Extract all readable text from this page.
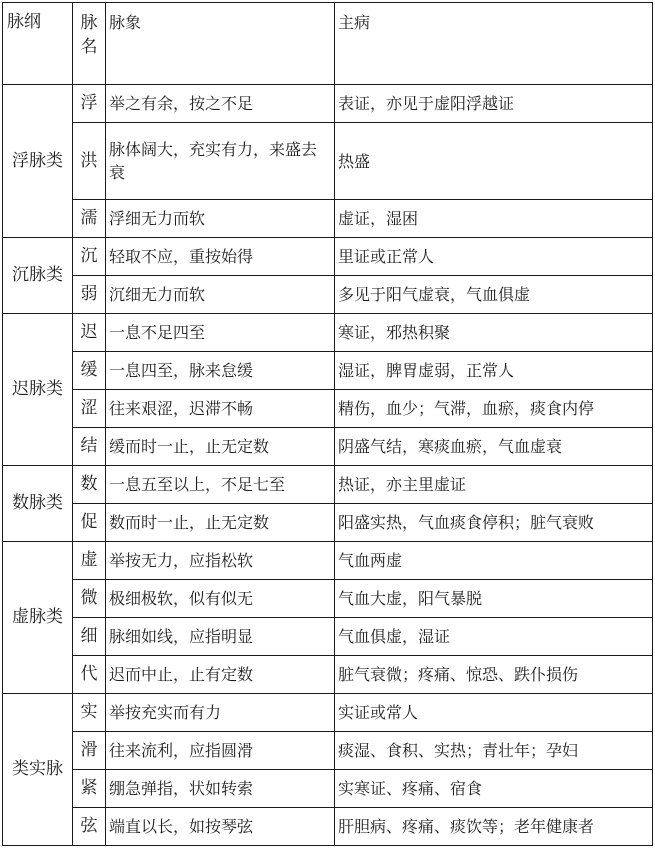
脉纲	脉名	脉象	主病
浮脉类	浮	举之有余，按之不足	表证，亦见于虚阳浮越证
	洪	脉体阔大，充实有力，来盛去衰	热盛
	濡	浮细无力而软	虚证，湿困
沉脉类	沉	轻取不应，重按始得	里证或正常人
	弱	沉细无力而软	多见于阳气虚衰，气血俱虚
迟脉类	迟	一息不足四至	寒证，邪热积聚
	缓	一息四至，脉来怠缓	湿证，脾胃虚弱，正常人
	涩	往来艰涩，迟滞不畅	精伤，血少；气滞，血瘀，痰食内停
	结	缓而时一止，止无定数	阴盛气结，寒痰血瘀，气血虚衰
数脉类	数	一息五至以上，不足七至	热证，亦主里虚证
	促	数而时一止，止无定数	阳盛实热，气血痰食停积；脏气衰败
虚脉类	虚	举按无力，应指松软	气血两虚
	微	极细极软，似有似无	气血大虚，阳气暴脱
	细	脉细如线，应指明显	气血俱虚，湿证
	代	迟而中止，止有定数	脏气衰微；疼痛、惊恐、跌仆损伤
类实脉	实	举按充实而有力	实证或常人
	滑	往来流利，应指圆滑	痰湿、食积、实热；青壮年；孕妇
	紧	绷急弹指，状如转索	实寒证、疼痛、宿食
	弦	端直以长，如按琴弦	肝胆病、疼痛、痰饮等；老年健康者
